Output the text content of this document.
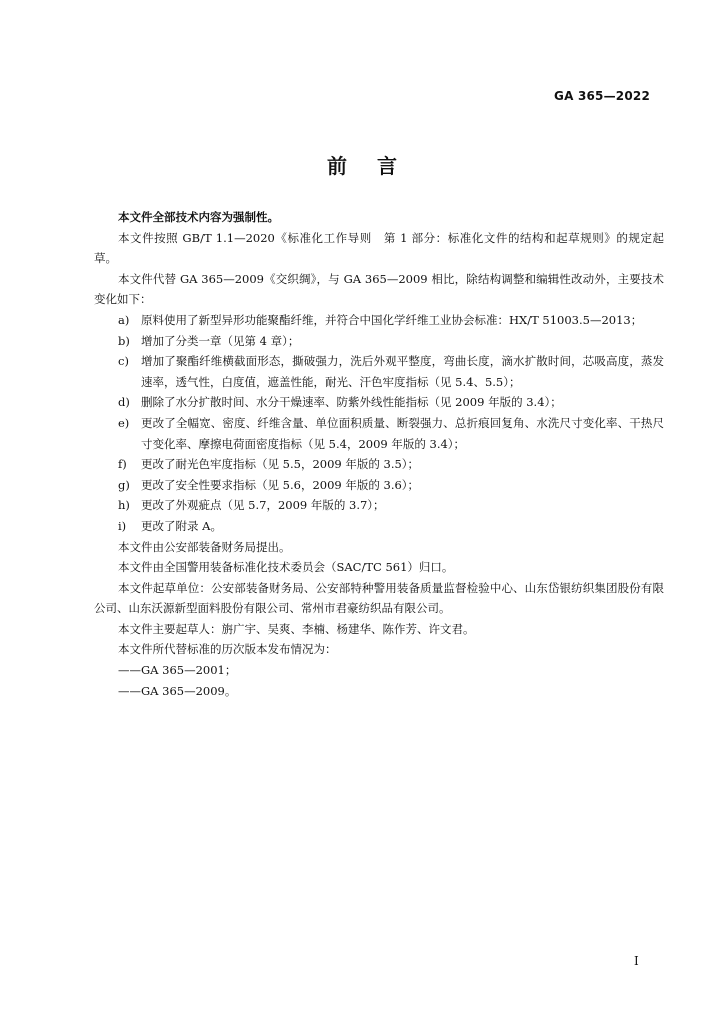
GA 365—2022
前言

本文件全部技术内容为强制性。

本文件按照 GB/T 1.1—2020《标准化工作导则　第 1 部分：标准化文件的结构和起草规则》的规定起草。

本文件代替 GA 365—2009《交织绸》，与 GA 365—2009 相比，除结构调整和编辑性改动外，主要技术变化如下：

a)	原料使用了新型异形功能聚酯纤维，并符合中国化学纤维工业协会标准：HX/T 51003.5—2013；
b) 增加了分类一章（见第 4 章）；
c)	增加了聚酯纤维横截面形态，撕破强力，洗后外观平整度，弯曲长度，滴水扩散时间，芯吸高度，蒸发速率，透气性，白度值，遮盖性能，耐光、汗色牢度指标（见 5.4、5.5）；
d) 删除了水分扩散时间、水分干燥速率、防紫外线性能指标（见 2009 年版的 3.4）；
e)	更改了全幅宽、密度、纤维含量、单位面积质量、断裂强力、总折痕回复角、水洗尺寸变化率、干热尺寸变化率、摩擦电荷面密度指标（见 5.4，2009 年版的 3.4）；
f)	更改了耐光色牢度指标（见 5.5，2009 年版的 3.5）；
g) 更改了安全性要求指标（见 5.6，2009 年版的 3.6）；
h) 更改了外观疵点（见 5.7，2009 年版的 3.7）；
i)	更改了附录 A。

本文件由公安部装备财务局提出。

本文件由全国警用装备标准化技术委员会（SAC/TC 561）归口。

本文件起草单位：公安部装备财务局、公安部特种警用装备质量监督检验中心、山东岱银纺织集团股份有限公司、山东沃源新型面料股份有限公司、常州市君豪纺织品有限公司。

本文件主要起草人：旃广宇、吴爽、李楠、杨建华、陈作芳、许文君。

本文件所代替标准的历次版本发布情况为：

——GA 365—2001；

——GA 365—2009。

I
